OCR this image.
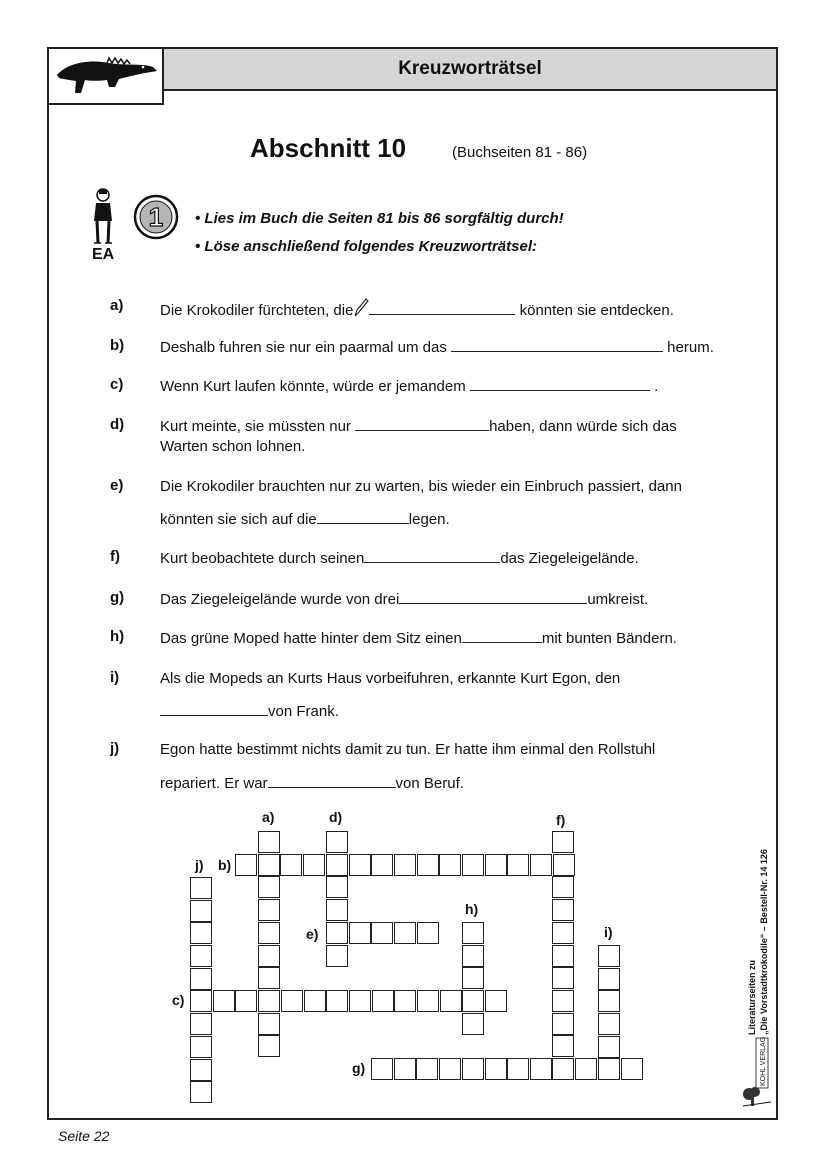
Kreuzworträtsel
Abschnitt 10	(Buchseiten 81 - 86)
EA
1 • Lies im Buch die Seiten 81 bis 86 sorgfältig durch!
• Löse anschließend folgendes Kreuzworträtsel:
a) Die Krokodiler fürchteten, die	könnten sie entdecken.
b) Deshalb fuhren sie nur ein paarmal um das	herum.
c) Wenn Kurt laufen könnte, würde er jemandem	.
d) Kurt meinte, sie müssten nur	haben, dann würde sich das
Warten schon lohnen.
e) Die Krokodiler brauchten nur zu warten, bis wieder ein Einbruch passiert, dann
könnten sie sich auf die	legen.
f)	Kurt beobachtete durch seinen	das Ziegeleigelände.
g) Das Ziegeleigelände wurde von drei	umkreist.
h) Das grüne Moped hatte hinter dem Sitz einen	mit bunten Bändern.
i)	Als die Mopeds an Kurts Haus vorbeifuhren, erkannte Kurt Egon, den
von Frank.
j)	Egon hatte bestimmt nichts damit zu tun. Er hatte ihm einmal den Rollstuhl
repariert. Er war	von Beruf.
a)	d)	f)
j) b)
h)
e)	i)
c)
g)
Literaturseiten zu „Die Vorstadtkrokodile“ – Bestell-Nr. 14 126
KOHL VERLAG
Seite 22
